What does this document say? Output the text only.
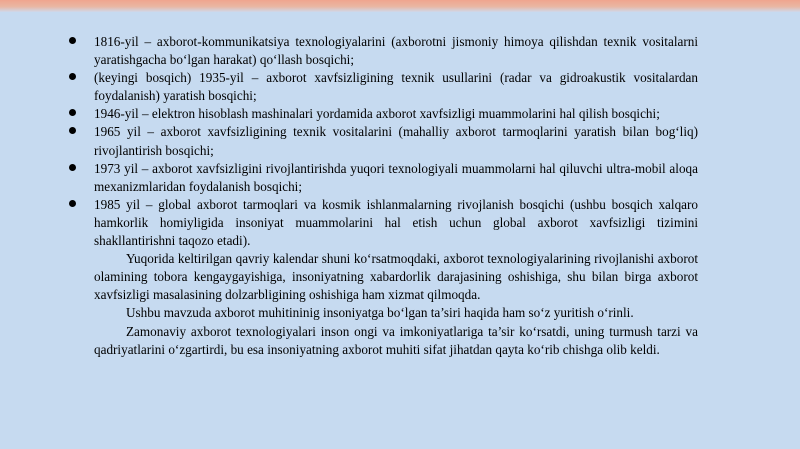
1816-yil – axborot-kommunikatsiya texnologiyalarini (axborotni jismoniy himoya qilishdan texnik vositalarni yaratishgacha bo‘lgan harakat) qo‘llash bosqichi;
(keyingi bosqich) 1935-yil – axborot xavfsizligining texnik usullarini (radar va gidroakustik vositalardan foydalanish) yaratish bosqichi;
1946-yil – elektron hisoblash mashinalari yordamida axborot xavfsizligi muammolarini hal qilish bosqichi;
1965 yil – axborot xavfsizligining texnik vositalarini (mahalliy axborot tarmoqlarini yaratish bilan bog‘liq) rivojlantirish bosqichi;
1973 yil – axborot xavfsizligini rivojlantirishda yuqori texnologiyali muammolarni hal qiluvchi ultra-mobil aloqa mexanizmlaridan foydalanish bosqichi;
1985 yil – global axborot tarmoqlari va kosmik ishlanmalarning rivojlanish bosqichi (ushbu bosqich xalqaro hamkorlik homiyligida insoniyat muammolarini hal etish uchun global axborot xavfsizligi tizimini shakllantirishni taqozo etadi).

Yuqorida keltirilgan qavriy kalendar shuni ko‘rsatmoqdaki, axborot texnologiyalarining rivojlanishi axborot olamining tobora kengaygayishiga, insoniyatning xabardorlik darajasining oshishiga, shu bilan birga axborot xavfsizligi masalasining dolzarbligining oshishiga ham xizmat qilmoqda.

Ushbu mavzuda axborot muhitininig insoniyatga bo‘lgan ta’siri haqida ham so‘z yuritish o‘rinli.

Zamonaviy axborot texnologiyalari inson ongi va imkoniyatlariga ta’sir ko‘rsatdi, uning turmush tarzi va qadriyatlarini o‘zgartirdi, bu esa insoniyatning axborot muhiti sifat jihatdan qayta ko‘rib chishga olib keldi.
